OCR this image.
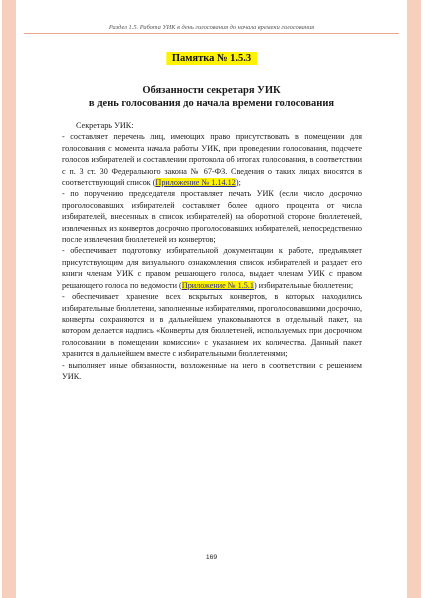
Раздел 1.5. Работа УИК в день голосования до начала времени голосования
Памятка № 1.5.3
Обязанности секретаря УИК
в день голосования до начала времени голосования

Секретарь УИК:

- составляет перечень лиц, имеющих право присутствовать в помещении для голосования с момента начала работы УИК, при проведении голосования, подсчете голосов избирателей и составлении протокола об итогах голосования, в соответствии с п. 3 ст. 30 Федерального закона № 67-ФЗ. Сведения о таких лицах вносятся в соответствующий список (Приложение № 1.14.12);

- по поручению председателя проставляет печать УИК (если число досрочно проголосовавших избирателей составляет более одного процента от числа избирателей, внесенных в список избирателей) на оборотной стороне бюллетеней, извлеченных из конвертов досрочно проголосовавших избирателей, непосредственно после извлечения бюллетеней из конвертов;

- обеспечивает подготовку избирательной документации к работе, предъявляет присутствующим для визуального ознакомления список избирателей и раздает его книги членам УИК с правом решающего голоса, выдает членам УИК с правом решающего голоса по ведомости (Приложение № 1.5.1) избирательные бюллетени;

- обеспечивает хранение всех вскрытых конвертов, в которых находились избирательные бюллетени, заполненные избирателями, проголосовавшими досрочно, конверты сохраняются и в дальнейшем упаковываются в отдельный пакет, на котором делается надпись «Конверты для бюллетеней, используемых при досрочном голосовании в помещении комиссии» с указанием их количества. Данный пакет хранится в дальнейшем вместе с избирательными бюллетенями;

- выполняет иные обязанности, возложенные на него в соответствии с решением УИК.

169
